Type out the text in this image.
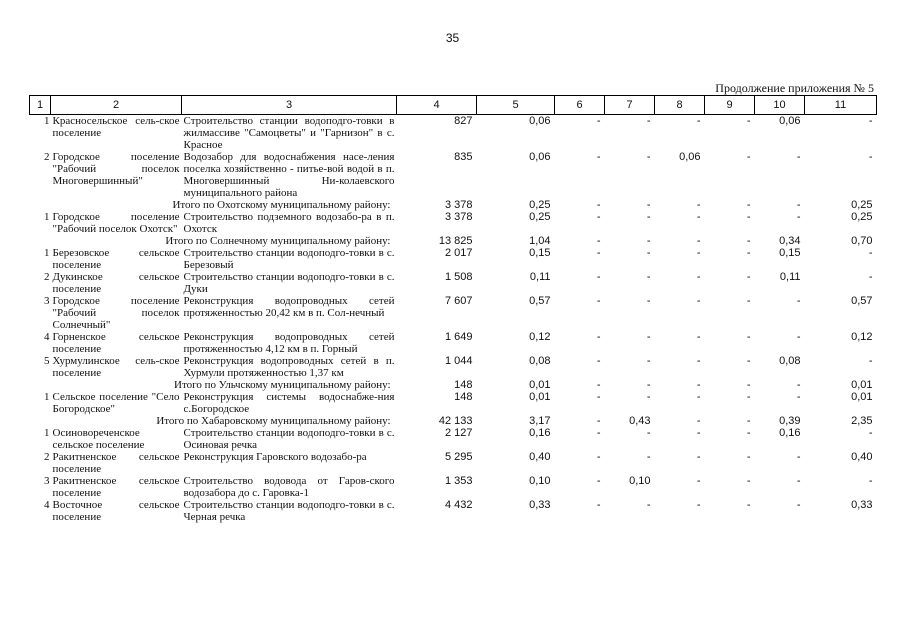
35
Продолжение приложения № 5
1	2	3	4	5	6	7	8	9	10	11
1	Красносельское сель-ское поселение	Строительство станции водоподго-товки в жилмассиве "Самоцветы" и "Гарнизон" в с. Красное	827	0,06	-	-	-	-	0,06	-
2	Городское поселение "Рабочий поселок Многовершинный"	Водозабор для водоснабжения насе-ления поселка хозяйственно - питье-вой водой в п. Многовершинный Ни-колаевского муниципального района	835	0,06	-	-	0,06	-	-	-
Итого по Охотскому муниципальному району:			3 378	0,25	-	-	-	-	-	0,25
1	Городское поселение "Рабочий поселок Охотск"	Строительство подземного водозабо-ра в п. Охотск	3 378	0,25	-	-	-	-	-	0,25
Итого по Солнечному муниципальному району:			13 825	1,04	-	-	-	-	0,34	0,70
1	Березовское сельское поселение	Строительство станции водоподго-товки в с. Березовый	2 017	0,15	-	-	-	-	0,15	-
2	Дукинское сельское поселение	Строительство станции водоподго-товки в с. Дуки	1 508	0,11	-	-	-	-	0,11	-
3	Городское поселение "Рабочий поселок Солнечный"	Реконструкция водопроводных сетей протяженностью 20,42 км в п. Сол-нечный	7 607	0,57	-	-	-	-	-	0,57
4	Горненское сельское поселение	Реконструкция водопроводных сетей протяженностью 4,12 км в п. Горный	1 649	0,12	-	-	-	-	-	0,12
5	Хурмулинское сель-ское поселение	Реконструкция водопроводных сетей в п. Хурмули протяженностью 1,37 км	1 044	0,08	-	-	-	-	0,08	-
Итого по Ульчскому муниципальному району:			148	0,01	-	-	-	-	-	0,01
1	Сельское поселение "Село Богородское"	Реконструкция системы водоснабже-ния с.Богородское	148	0,01	-	-	-	-	-	0,01
Итого по Хабаровскому муниципальному району:			42 133	3,17	-	0,43	-	-	0,39	2,35
1	Осиновореченское сельское поселение	Строительство станции водоподго-товки в с. Осиновая речка	2 127	0,16	-	-	-	-	0,16	-
2	Ракитненское сельское поселение	Реконструкция Гаровского водозабо-ра	5 295	0,40	-	-	-	-	-	0,40
3	Ракитненское сельское поселение	Строительство водовода от Гаров-ского водозабора до с. Гаровка-1	1 353	0,10	-	0,10	-	-	-	-
4	Восточное сельское поселение	Строительство станции водоподго-товки в с. Черная речка	4 432	0,33	-	-	-	-	-	0,33
